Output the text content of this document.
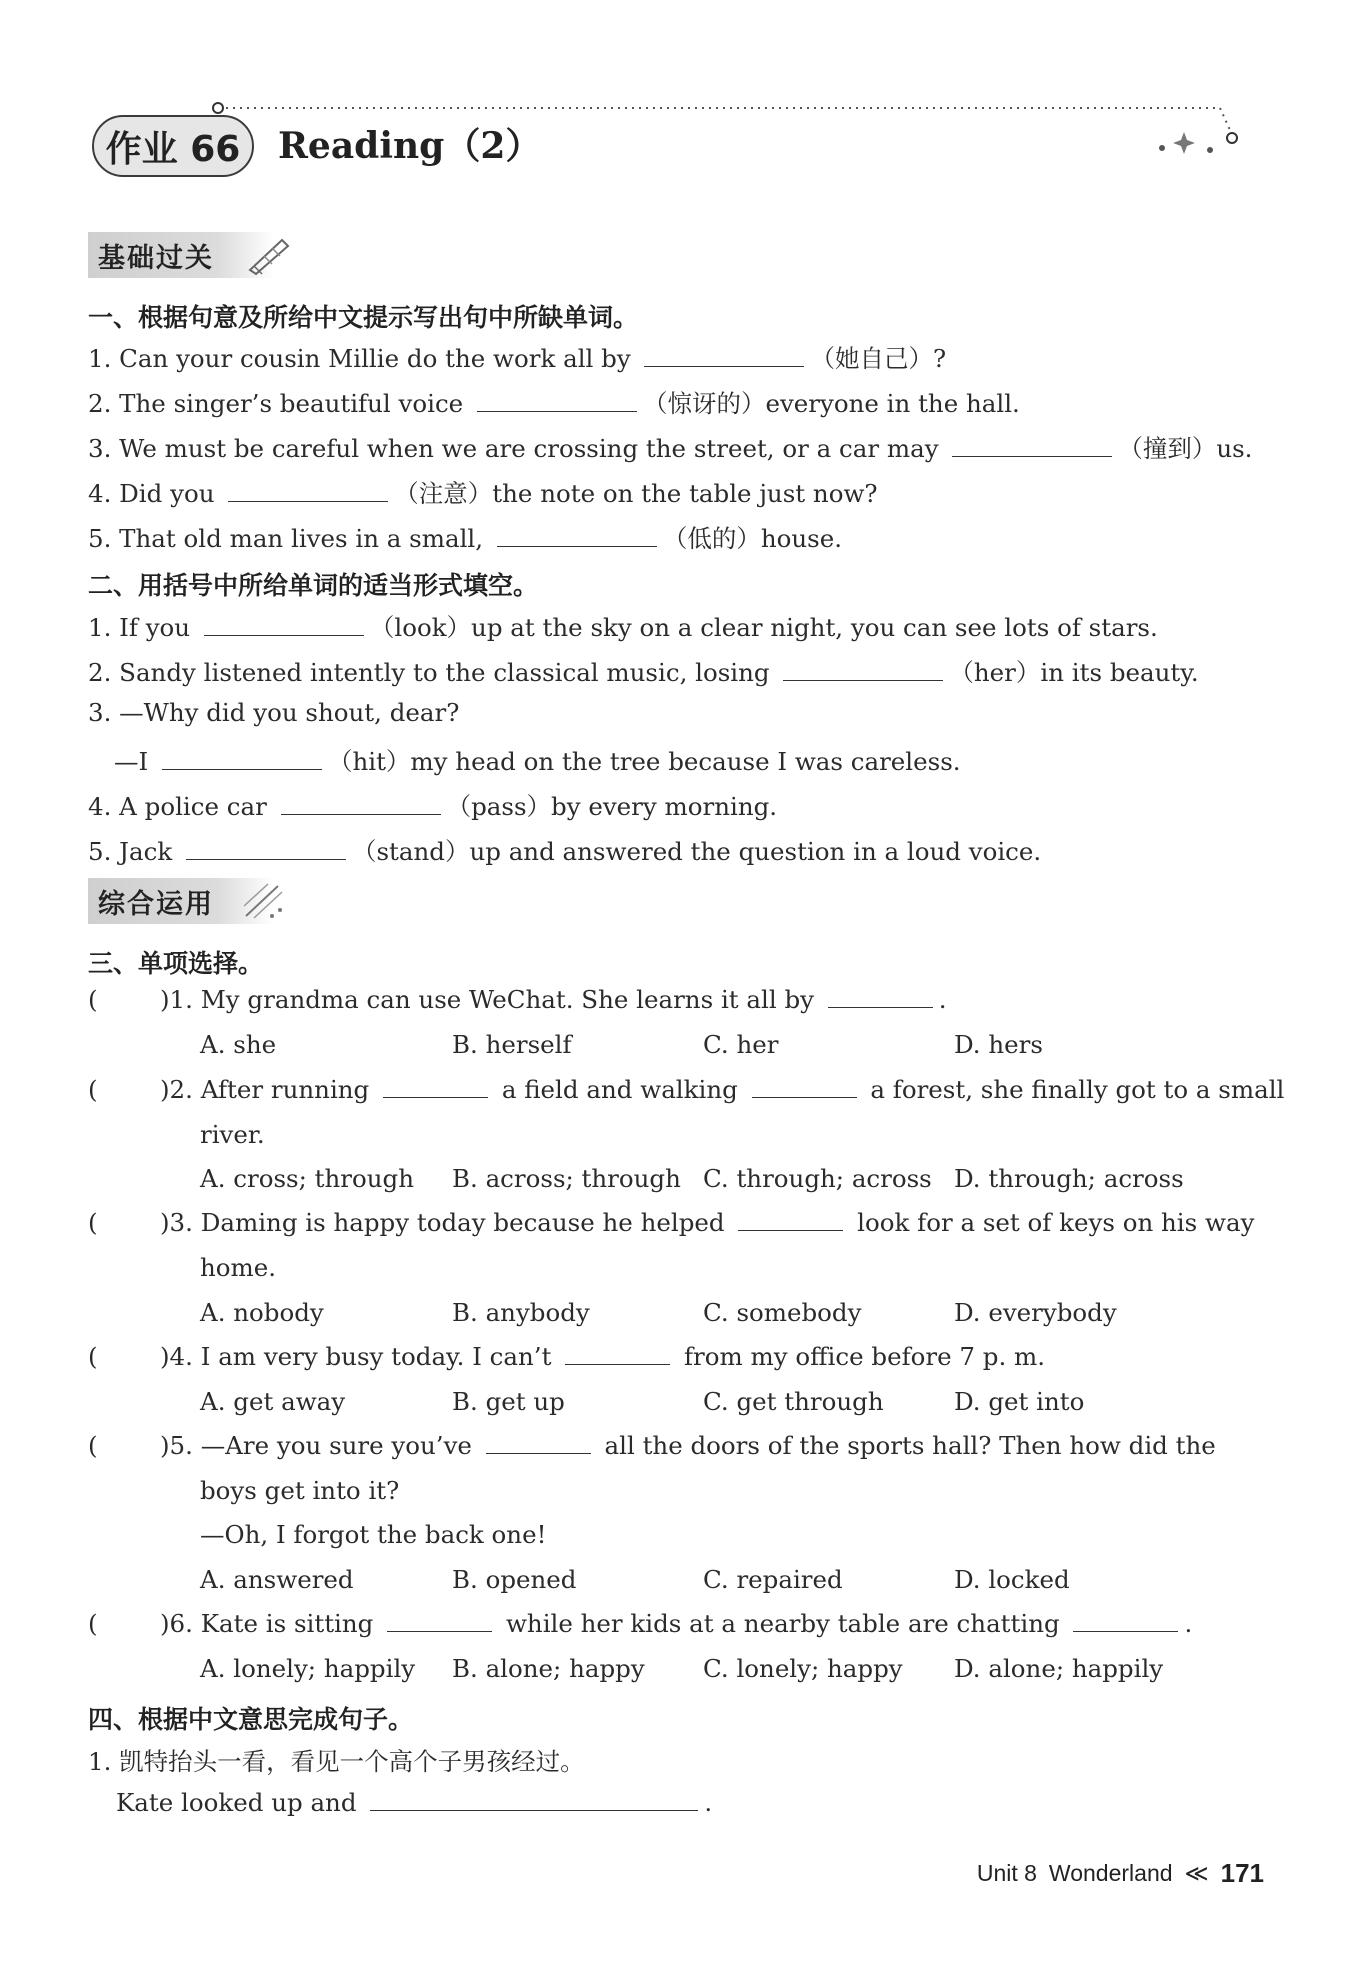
作业 66	Reading（2）
基础过关
一、根据句意及所给中文提示写出句中所缺单词。
1. Can your cousin Millie do the work all by	（她自己）?
2. The singer’s beautiful voice	（惊讶的）everyone in the hall.
3. We must be careful when we are crossing the street, or a car may	（撞到）us.
4. Did you	（注意）the note on the table just now?
5. That old man lives in a small,	（低的）house.
二、用括号中所给单词的适当形式填空。
1. If you	（look）up at the sky on a clear night, you can see lots of stars.
2. Sandy listened intently to the classical music, losing	（her）in its beauty.
3. —Why did you shout, dear?
—I	（hit）my head on the tree because I was careless.
4. A police car	（pass）by every morning.
5. Jack	（stand）up and answered the question in a loud voice.
综合运用
三、单项选择。
(	)1. My grandma can use WeChat. She learns it all by	.
A. she	B. herself	C. her	D. hers
(	)2. After running	a field and walking	a forest, she finally got to a small
river.
A. cross; through B. across; through C. through; across D. through; across
(	)3. Daming is happy today because he helped	look for a set of keys on his way
home.
A. nobody	B. anybody	C. somebody	D. everybody
(	)4. I am very busy today. I can’t	from my office before 7 p. m.
A. get away	B. get up	C. get through	D. get into
(	)5. —Are you sure you’ve	all the doors of the sports hall? Then how did the
boys get into it?
—Oh, I forgot the back one!
A. answered	B. opened	C. repaired	D. locked
(	)6. Kate is sitting	while her kids at a nearby table are chatting	.
A. lonely; happily B. alone; happy C. lonely; happy D. alone; happily
四、根据中文意思完成句子。
1. 凯特抬头一看，看见一个高个子男孩经过。
Kate looked up and	.
Unit 8 Wonderland ≪ 171
